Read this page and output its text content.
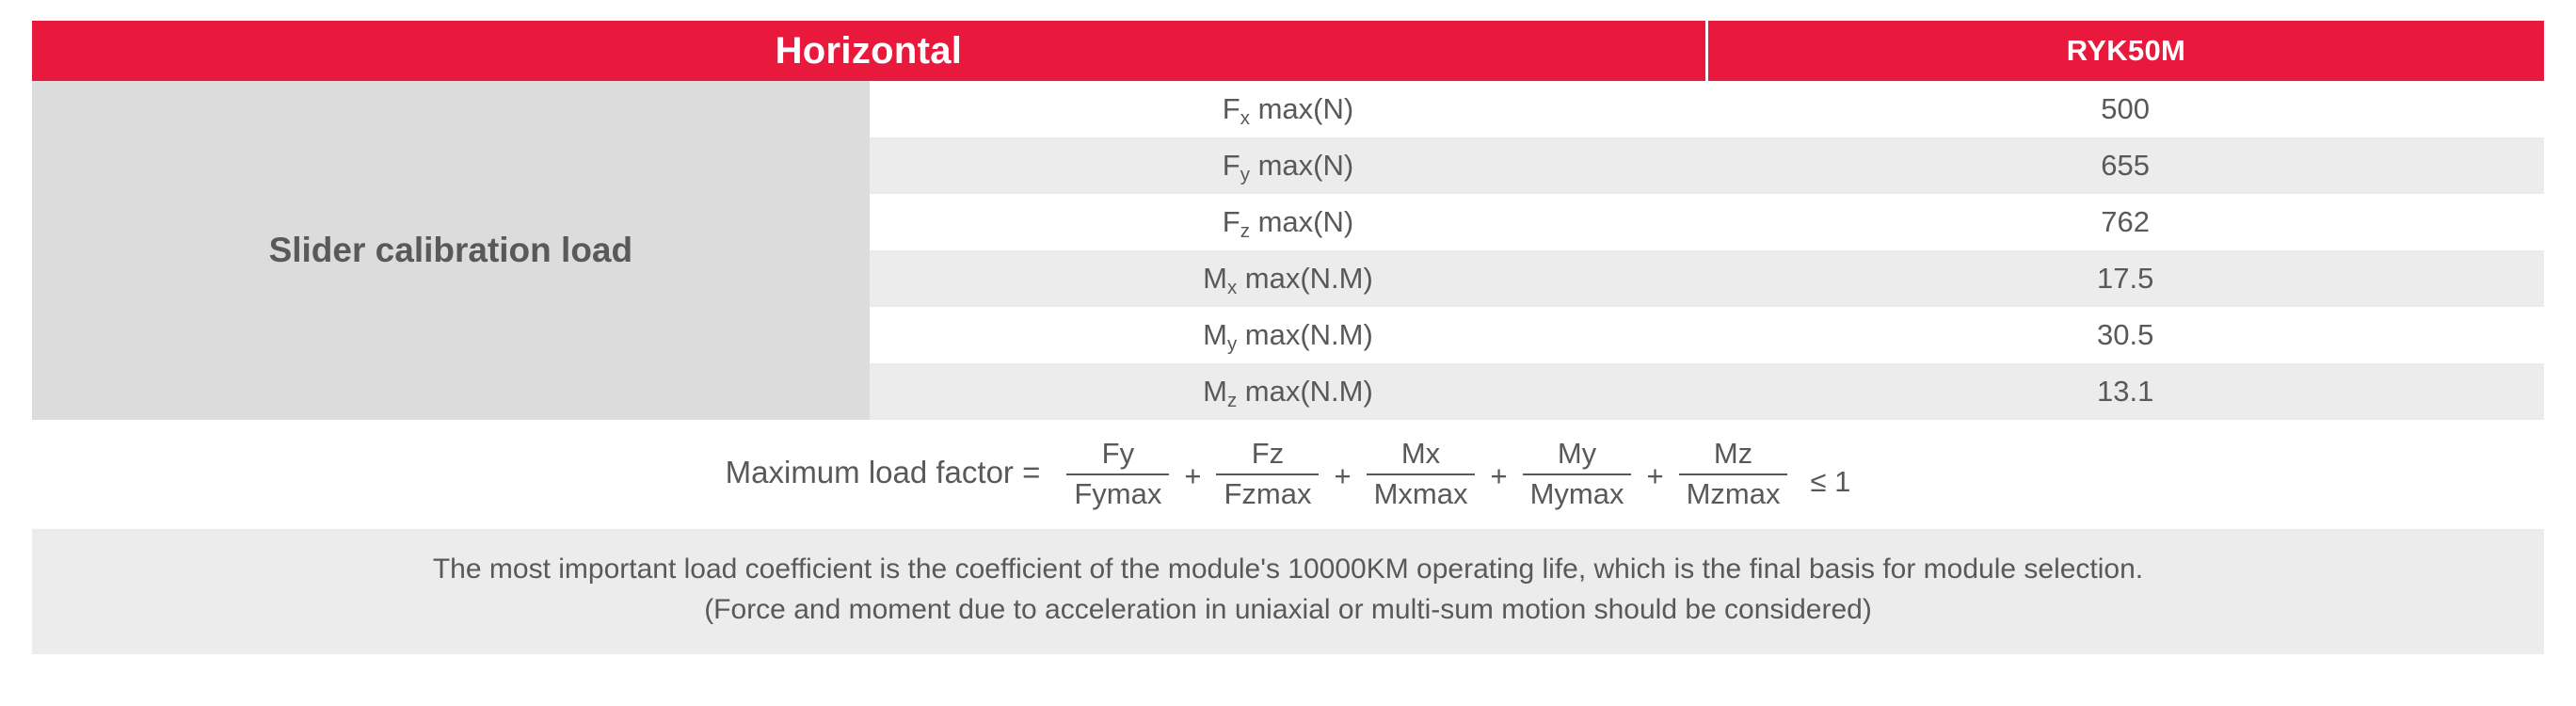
Horizontal		RYK50M
Slider calibration load	$F_x$ max(N)	500
	$F_y$ max(N)	655
	$F_z$ max(N)	762
	$M_x$ max(N.M)	17.5
	$M_y$ max(N.M)	30.5
	$M_z$ max(N.M)	13.1
Maximum load factor = $\frac{Fy}{Fymax} + \frac{Fz}{Fzmax} + \frac{Mx}{Mxmax} + \frac{My}{Mymax} + \frac{Mz}{Mzmax} \le 1$

The most important load coefficient is the coefficient of the module's 10000KM operating life, which is the final basis for module selection.

(Force and moment due to acceleration in uniaxial or multi-sum motion should be considered)
